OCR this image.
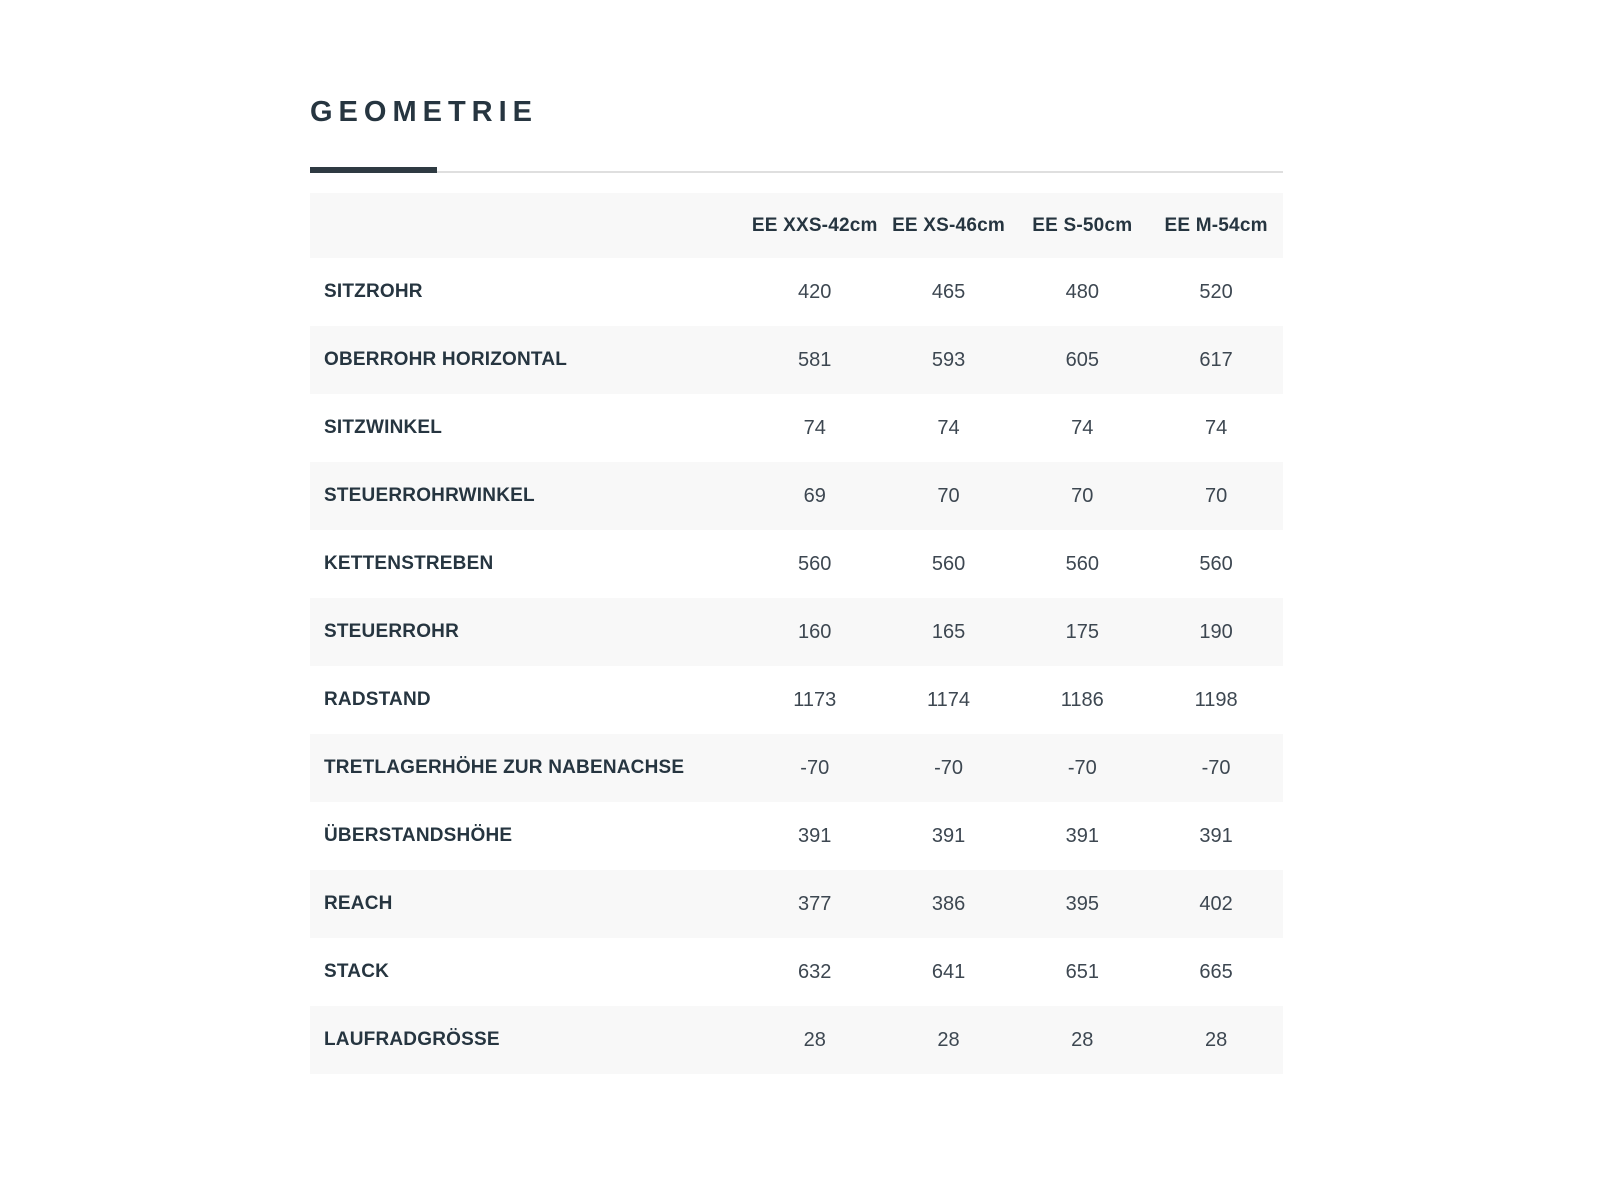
GEOMETRIE
	EE XXS-42cm	EE XS-46cm	EE S-50cm	EE M-54cm
SITZROHR	420	465	480	520
OBERROHR HORIZONTAL	581	593	605	617
SITZWINKEL	74	74	74	74
STEUERROHRWINKEL	69	70	70	70
KETTENSTREBEN	560	560	560	560
STEUERROHR	160	165	175	190
RADSTAND	1173	1174	1186	1198
TRETLAGERHÖHE ZUR NABENACHSE	-70	-70	-70	-70
ÜBERSTANDSHÖHE	391	391	391	391
REACH	377	386	395	402
STACK	632	641	651	665
LAUFRADGRÖSSE	28	28	28	28
